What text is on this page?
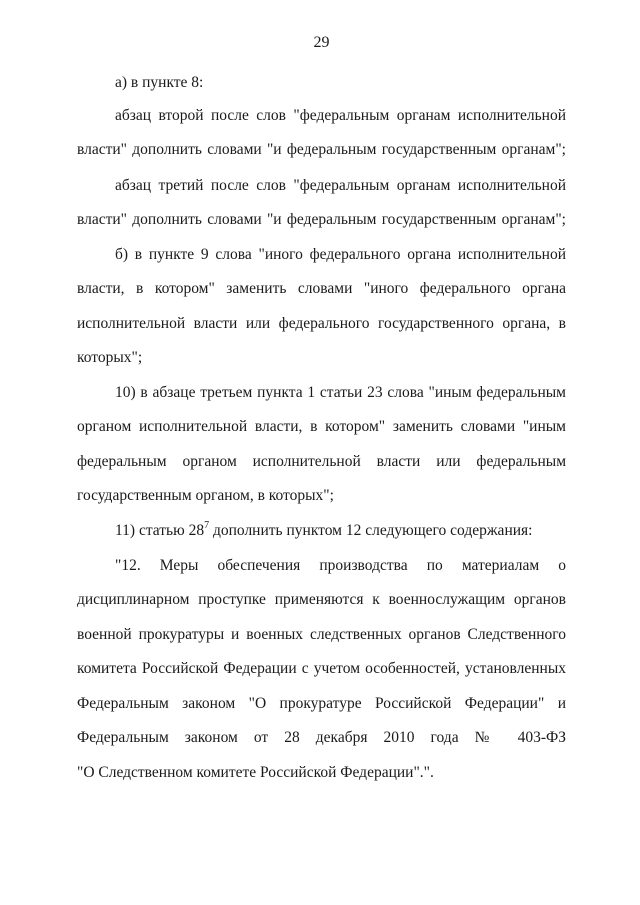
29
а) в пункте 8:
абзац второй после слов "федеральным органам исполнительной
власти" дополнить словами "и федеральным государственным органам";
абзац третий после слов "федеральным органам исполнительной
власти" дополнить словами "и федеральным государственным органам";
б) в пункте 9 слова "иного федерального органа исполнительной
власти, в котором" заменить словами "иного федерального органа
исполнительной власти или федерального государственного органа, в
которых";
10) в абзаце третьем пункта 1 статьи 23 слова "иным федеральным
органом исполнительной власти, в котором" заменить словами "иным
федеральным органом исполнительной власти или федеральным
государственным органом, в которых";
11) статью $28^7$ дополнить пунктом 12 следующего содержания:
"12. Меры обеспечения производства по материалам о
дисциплинарном проступке применяются к военнослужащим органов
военной прокуратуры и военных следственных органов Следственного
комитета Российской Федерации с учетом особенностей, установленных
Федеральным законом "О прокуратуре Российской Федерации" и
Федеральным законом от 28 декабря 2010 года № 403-ФЗ
"О Следственном комитете Российской Федерации".".
